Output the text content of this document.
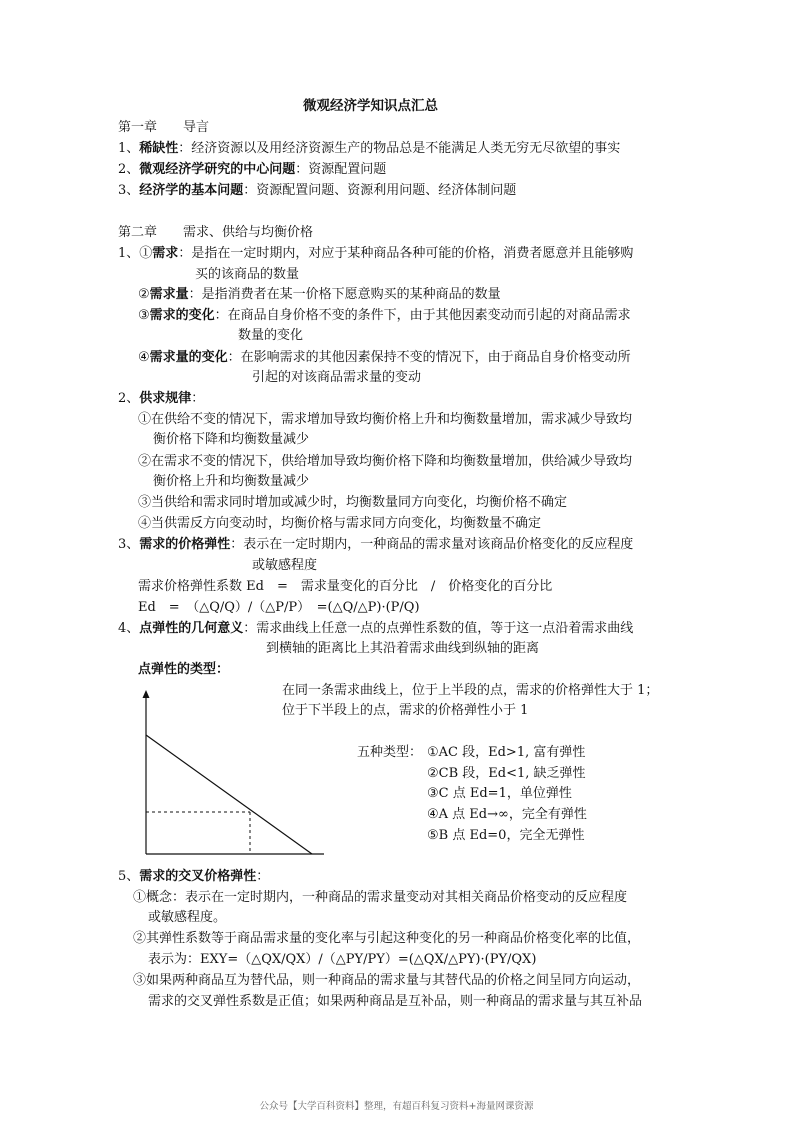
微观经济学知识点汇总
第一章　　导言
1、稀缺性：经济资源以及用经济资源生产的物品总是不能满足人类无穷无尽欲望的事实
2、微观经济学研究的中心问题：资源配置问题
3、经济学的基本问题：资源配置问题、资源利用问题、经济体制问题
第二章　　需求、供给与均衡价格
1、①需求：是指在一定时期内，对应于某种商品各种可能的价格，消费者愿意并且能够购
买的该商品的数量
②需求量：是指消费者在某一价格下愿意购买的某种商品的数量
③需求的变化：在商品自身价格不变的条件下，由于其他因素变动而引起的对商品需求
数量的变化
④需求量的变化：在影响需求的其他因素保持不变的情况下，由于商品自身价格变动所
引起的对该商品需求量的变动
2、供求规律：
①在供给不变的情况下，需求增加导致均衡价格上升和均衡数量增加，需求减少导致均
衡价格下降和均衡数量减少
②在需求不变的情况下，供给增加导致均衡价格下降和均衡数量增加，供给减少导致均
衡价格上升和均衡数量减少
③当供给和需求同时增加或减少时，均衡数量同方向变化，均衡价格不确定
④当供需反方向变动时，均衡价格与需求同方向变化，均衡数量不确定
3、需求的价格弹性：表示在一定时期内，一种商品的需求量对该商品价格变化的反应程度
或敏感程度
需求价格弹性系数 Ed　=　需求量变化的百分比　/　价格变化的百分比
Ed　=　（△Q/Q）/（△P/P）　=(△Q/△P)·(P/Q)
4、点弹性的几何意义：需求曲线上任意一点的点弹性系数的值，等于这一点沿着需求曲线
到横轴的距离比上其沿着需求曲线到纵轴的距离
点弹性的类型：
在同一条需求曲线上，位于上半段的点，需求的价格弹性大于 1；
位于下半段上的点，需求的价格弹性小于 1
五种类型： ①AC 段，Ed>1, 富有弹性
②CB 段，Ed<1, 缺乏弹性
③C 点 Ed=1，单位弹性
④A 点 Ed→∞，完全有弹性
⑤B 点 Ed=0，完全无弹性
5、需求的交叉价格弹性：
①概念：表示在一定时期内，一种商品的需求量变动对其相关商品价格变动的反应程度
或敏感程度。
②其弹性系数等于商品需求量的变化率与引起这种变化的另一种商品价格变化率的比值，
表示为：EXY=（△QX/QX）/（△PY/PY）=(△QX/△PY)·(PY/QX)
③如果两种商品互为替代品，则一种商品的需求量与其替代品的价格之间呈同方向运动，
需求的交叉弹性系数是正值；如果两种商品是互补品，则一种商品的需求量与其互补品
公众号【大学百科资料】整理，有超百科复习资料+海量网课资源
